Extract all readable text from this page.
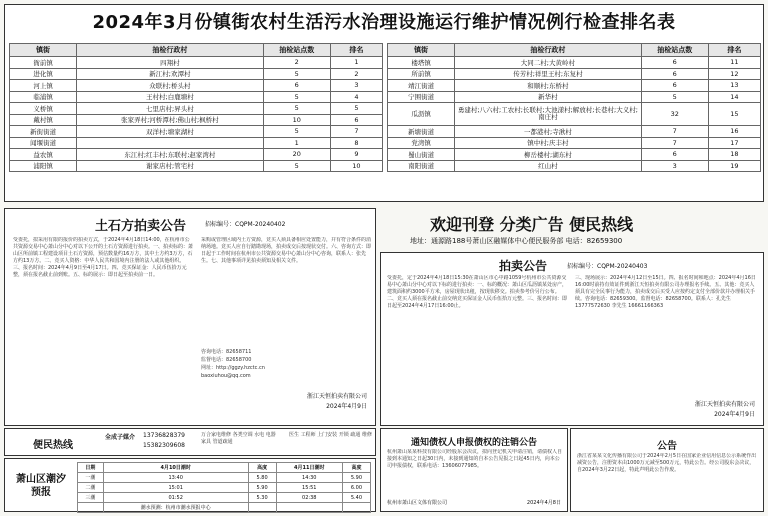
2024年3月份镇街农村生活污水治理设施运行维护情况例行检查排名表
镇街	抽检行政村	抽检站点数	排名
衙前镇	四翔村	2	1
进化镇	新江村;欢潭村	5	2
河上镇	众联村;桥头村	6	3
临浦镇	王村村;白鹿塘村	5	4
义桥镇	七里店村;昇头村	5	5
戴村镇	张家弄村;河桥潭村;佛山村;枫桥村	10	6
新街街道	双洋村;塘家湖村	5	7
闻堰街道		1	8
益农镇	东江村;红丰村;东联村;赵家湾村	20	9
浦阳镇	谢家店村;管宅村	5	10
镇街	抽检行政村	抽检站点数	排名
楼塔镇	大同二村;大黄岭村	6	11
所前镇	传芳村;祥里王村;东复村	6	12
靖江街道	和顺村;东桥村	6	13
宁围街道	新华村	5	14
瓜沥镇	勇建村;八六村;工农村;长联村;大池漾村;解放村;长巷村;大义村;南庄村	32	15
新塘街道	一都港村;寺湫村	7	16
党湾镇	镇中村;庆丰村	7	17
蜀山街道	柳岳楼村;湖东村	6	18
南阳街道	红山村	3	19
土石方拍卖公告	招标编号：CQPM-20240402
受委托，拟采用有限的报价的拍卖方式，于2024年4月18日14:00，在杭州市公共资源交易中心萧山分中心对以下公开的土石方资源进行拍卖。一、拍卖标的：萧山区所前镇工程建设项目土石方资源，预估数量约16万方，其中土方约3万方，石方约13万方。二、竞买人资格：中华人民共和国境内注册的法人或其他组织。三、报名时间：2024年4月9日至4月17日。四、竞买保证金：人民币伍拾万元整，须在报名截止前到账。五、标的展示：即日起至拍卖前一日。
采购或管理区域内土方资源，竞买人须具备相应处置能力，并有符合条件的消纳场地。竞买人应自行踏勘现场，拍卖成交后按现状交付。六、咨询方式：即日起于工作时间在杭州市公共资源交易中心萧山分中心咨询，联系人：张先生。七、其他事项详见拍卖须知及相关文件。
咨询电话：82658711
监督电话：82658700
网址：http://ggzy.hzctc.cn
baoxiuhou@qq.com
浙江天恒拍卖有限公司
2024年4月9日
便民热线
全成子媒介 13736828379
15382309608
万合家电维修 各类空调 水电 电器 家具 管道疏通
医生 工程师 上门安装 开锁 疏通 维修
萧山区潮汐预报
日期	4月10日潮时	高度	4月11日潮时	高度
一潮	13:40	5.80	14:30	5.90
二潮	15:01	5.90	15:51	6.00
三潮	01:52	5.30	02:38	5.40
	潮水预测：杭州市潮水预报中心			
欢迎刊登 分类广告 便民热线
地址：通源路188号萧山区融媒体中心便民服务部 电话：82659300
拍卖公告	招标编号：CQPM-20240403
受委托，定于2024年4月18日15:30在萧山区市心中路1059号杭州市公共资源交易中心萧山分中心对以下标的进行拍卖：一、标的概况：萧山区瓜沥镇某处房产，建筑面积约3000平方米，房屋现状出租，按现状移交。拍卖参考价另行公布。二、竞买人须在报名截止前交纳竞买保证金人民币伍拾万元整。三、报名时间：即日起至2024年4月17日16:00止。
三、现场展示：2024年4月12日至15日。四、报名时间和地点：2024年4月16日16:00时前持有效证件到浙江天恒拍卖有限公司办理报名手续。五、其他：竞买人须具有完全民事行为能力，拍卖成交后买受人应按约定支付全部价款并办理相关手续。咨询电话：82659300。监督电话：82658700。联系人：孔先生 13777572630 李先生 16661166363
浙江天恒拍卖有限公司
2024年4月9日
通知债权人申报债权的注销公告
杭州萧山某某科技有限公司经股东会决议，拟向登记机关申请注销，请债权人自接到本通知之日起30日内，未接到通知的自本公告见报之日起45日内，向本公司申报债权，联系电话：13606077985。
杭州市萧山区文体有限公司	2024年4月8日
公告
浙江省某某文化传播有限公司于2024年2月5日在国家企业信用信息公示系统作出减资公告，注册资本由1000万元减至500万元，特此公告。经公司股东会决议，自2024年3月22日起，特此声明此公告作废。
